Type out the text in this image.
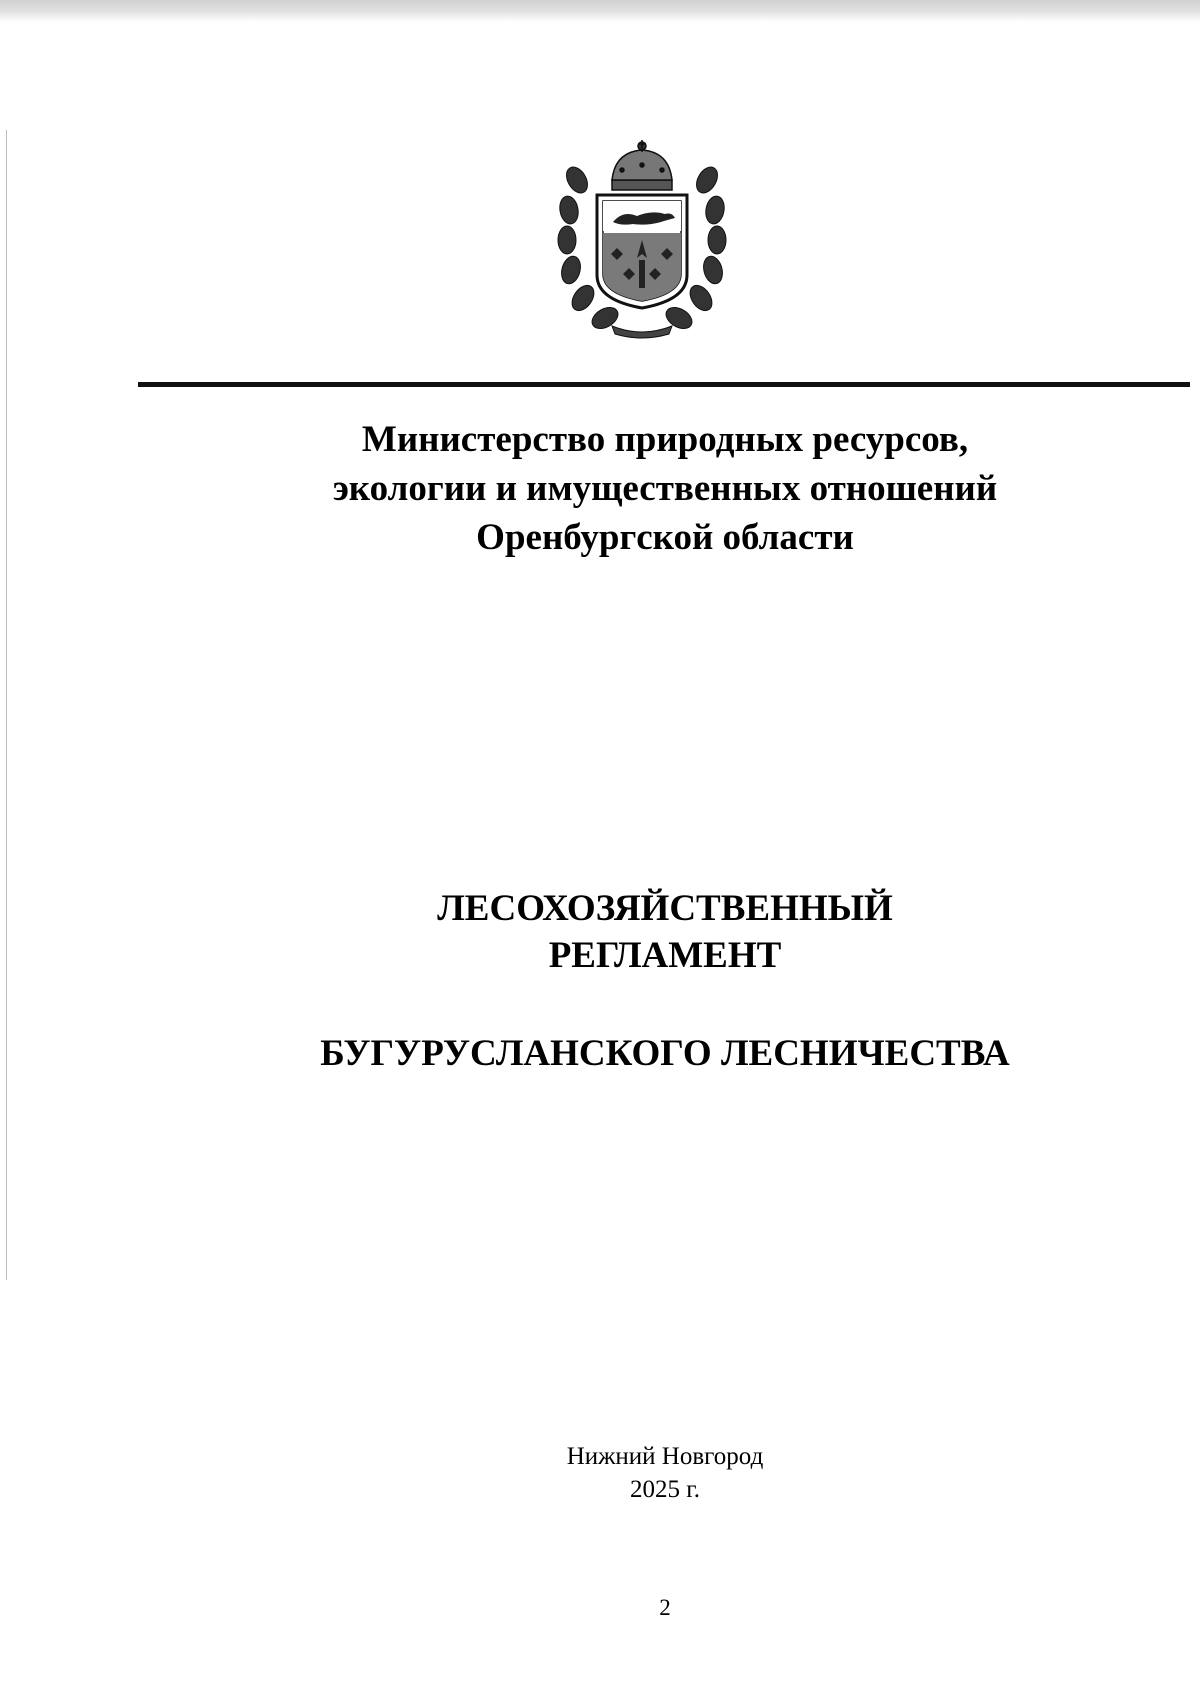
Министерство природных ресурсов,
экологии и имущественных отношений
Оренбургской области
ЛЕСОХОЗЯЙСТВЕННЫЙ
РЕГЛАМЕНТ
БУГУРУСЛАНСКОГО ЛЕСНИЧЕСТВА
Нижний Новгород
2025 г.
2
